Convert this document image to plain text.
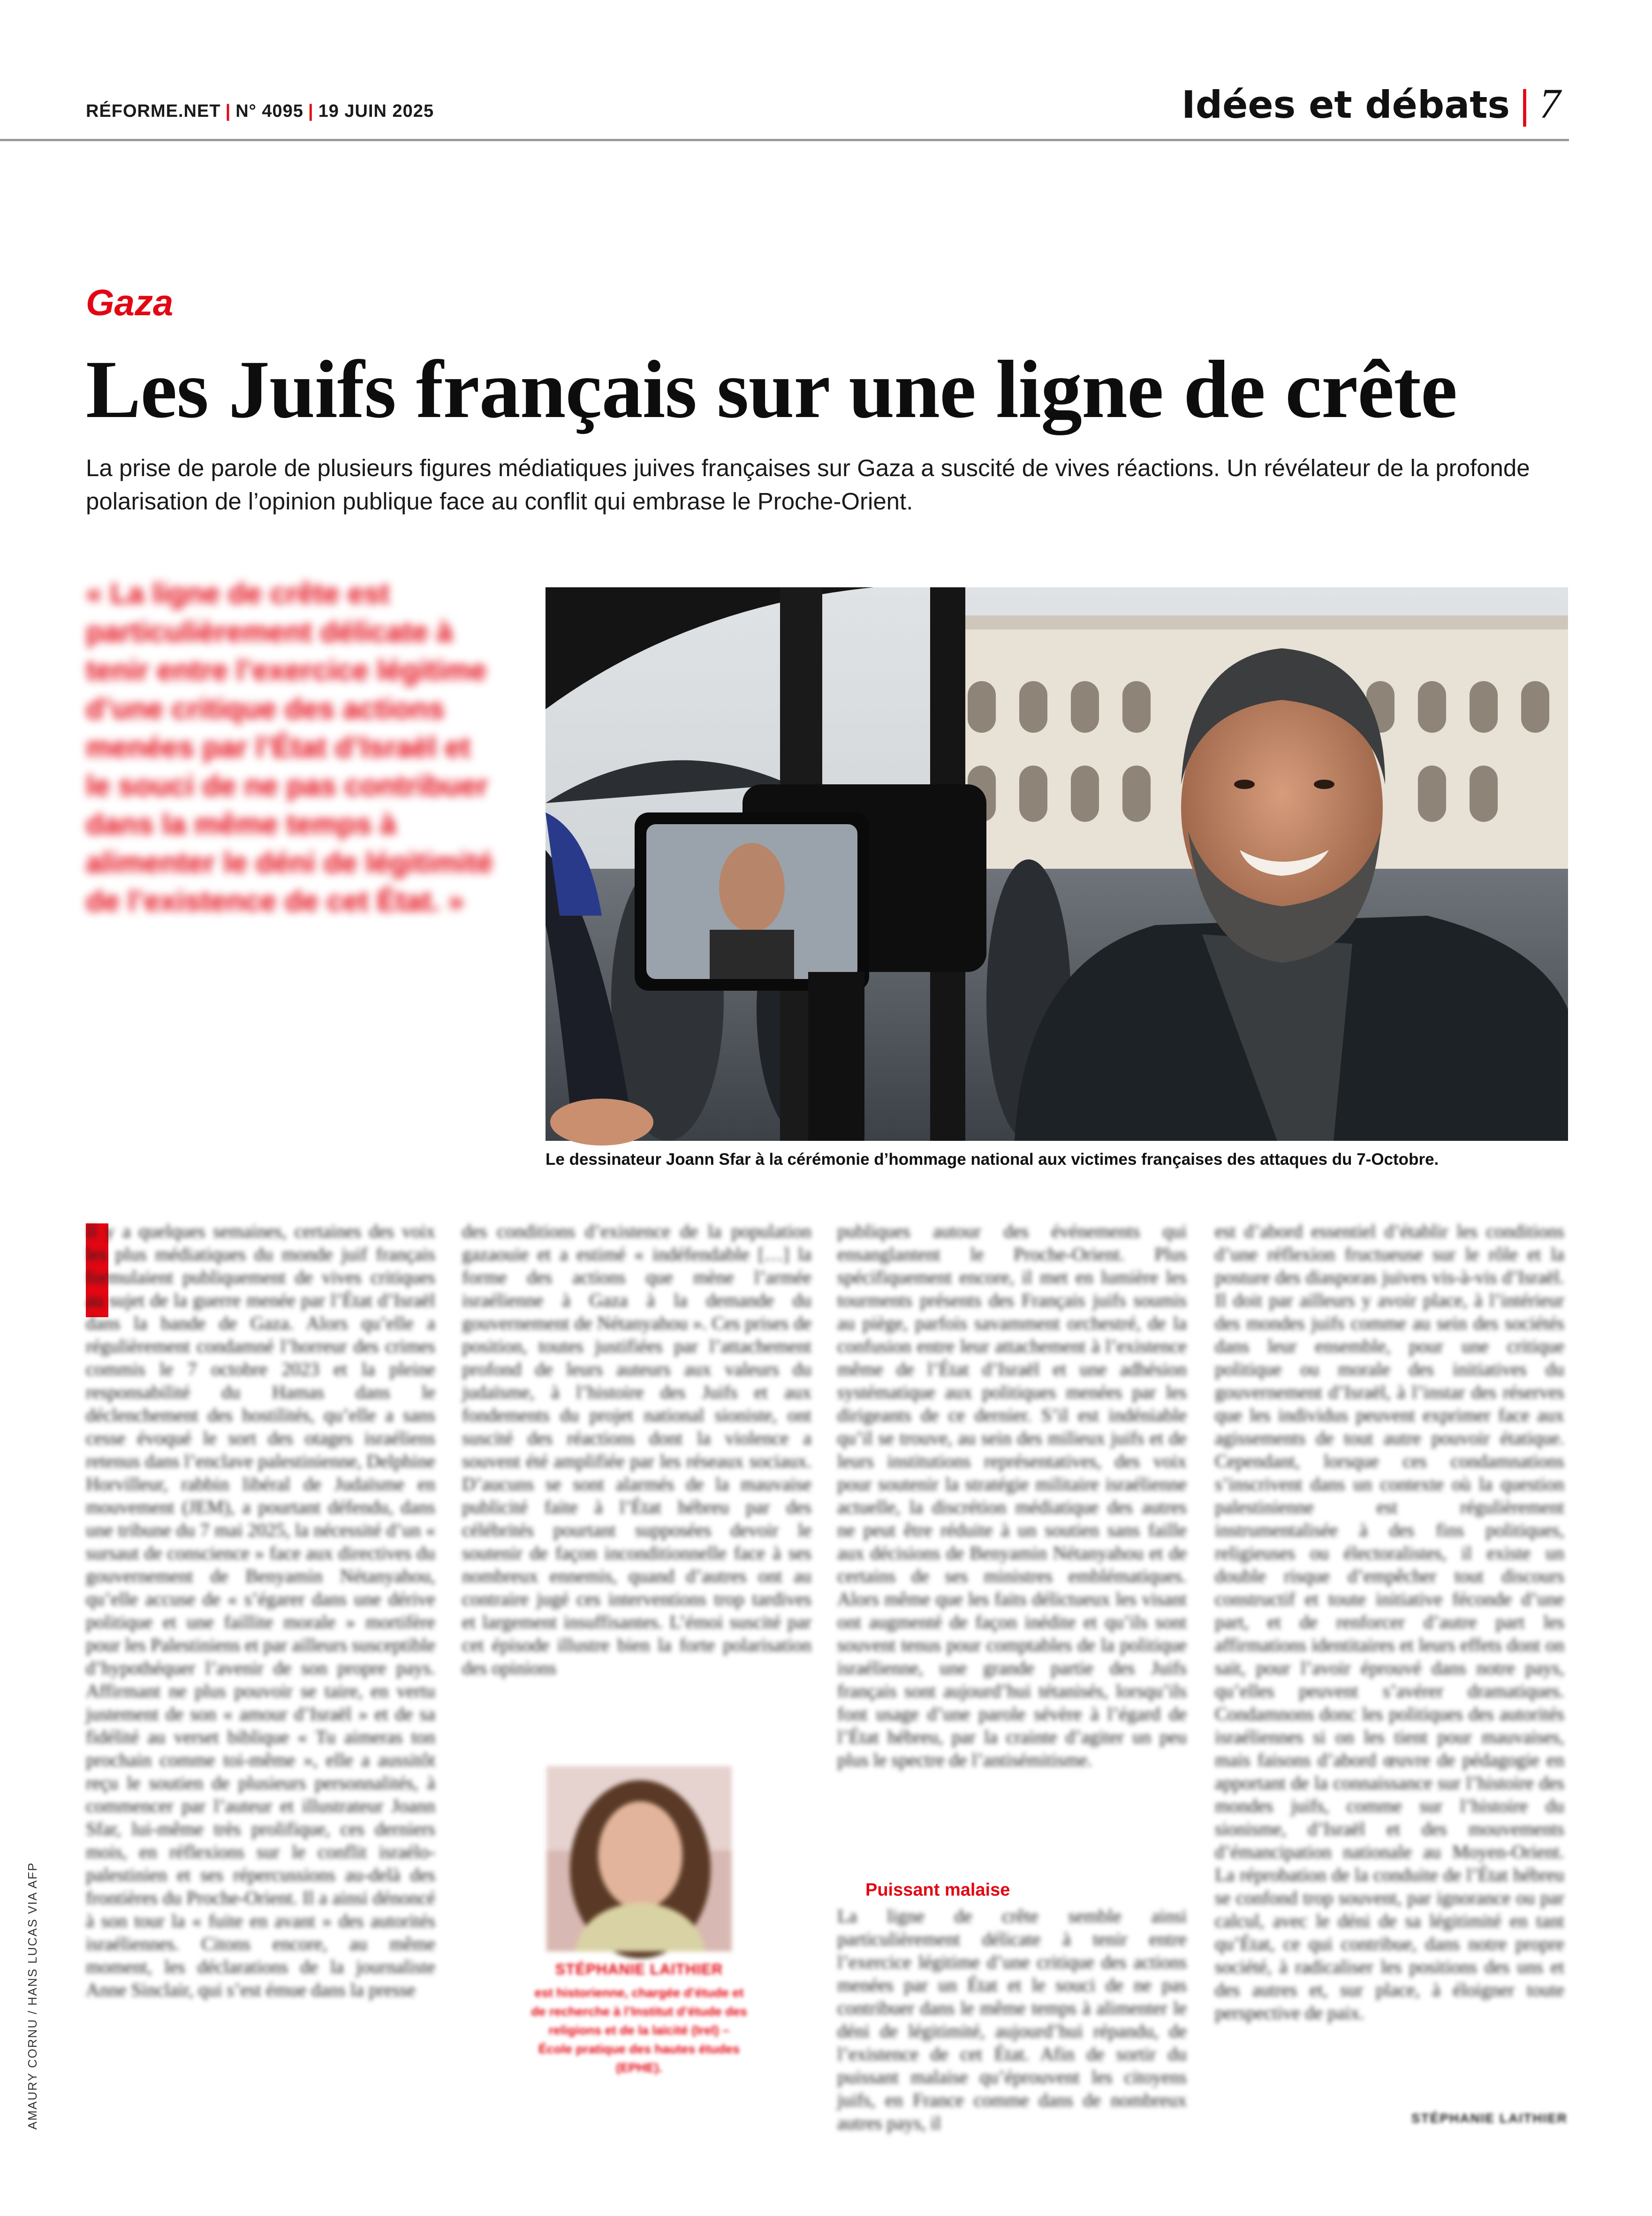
RÉFORME.NET | N° 4095 | 19 JUIN 2025	Idées et débats | 7
Gaza
Les Juifs français sur une ligne de crête
La prise de parole de plusieurs figures médiatiques juives françaises sur Gaza a suscité de vives réactions. Un révélateur de la profonde polarisation de l’opinion publique face au conflit qui embrase le Proche-Orient.
« La ligne de crête est particulièrement délicate à tenir entre l’exercice légitime d’une critique des actions menées par l’État d’Israël et le souci de ne pas contribuer dans la même temps à alimenter le déni de légitimité de l’existence de cet État. »
Le dessinateur Joann Sfar à la cérémonie d’hommage national aux victimes françaises des attaques du 7-Octobre.
Il y a quelques semaines, certaines des voix les plus médiatiques du monde juif français formulaient publiquement de vives critiques au sujet de la guerre menée par l’État d’Israël dans la bande de Gaza. Alors qu’elle a régulièrement condamné l’horreur des crimes commis le 7 octobre 2023 et la pleine responsabilité du Hamas dans le déclenchement des hostilités, qu’elle a sans cesse évoqué le sort des otages israéliens retenus dans l’enclave palestinienne, Delphine Horvilleur, rabbin libéral de Judaïsme en mouvement (JEM), a pourtant défendu, dans une tribune du 7 mai 2025, la nécessité d’un « sursaut de conscience » face aux directives du gouvernement de Benyamin Nétanyahou, qu’elle accuse de « s’égarer dans une dérive politique et une faillite morale » mortifère pour les Palestiniens et par ailleurs susceptible d’hypothéquer l’avenir de son propre pays. Affirmant ne plus pouvoir se taire, en vertu justement de son « amour d’Israël » et de sa fidélité au verset biblique « Tu aimeras ton prochain comme toi-même », elle a aussitôt reçu le soutien de plusieurs personnalités, à commencer par l’auteur et illustrateur Joann Sfar, lui-même très prolifique, ces derniers mois, en réflexions sur le conflit israélo-palestinien et ses répercussions au-delà des frontières du Proche-Orient. Il a ainsi dénoncé à son tour la « fuite en avant » des autorités israéliennes. Citons encore, au même moment, les déclarations de la journaliste Anne Sinclair, qui s’est émue dans la presse
des conditions d’existence de la population gazaouie et a estimé « indéfendable […] la forme des actions que mène l’armée israélienne à Gaza à la demande du gouvernement de Nétanyahou ». Ces prises de position, toutes justifiées par l’attachement profond de leurs auteurs aux valeurs du judaïsme, à l’histoire des Juifs et aux fondements du projet national sioniste, ont suscité des réactions dont la violence a souvent été amplifiée par les réseaux sociaux. D’aucuns se sont alarmés de la mauvaise publicité faite à l’État hébreu par des célébrités pourtant supposées devoir le soutenir de façon inconditionnelle face à ses nombreux ennemis, quand d’autres ont au contraire jugé ces interventions trop tardives et largement insuffisantes. L’émoi suscité par cet épisode illustre bien la forte polarisation des opinions
publiques autour des événements qui ensanglantent le Proche-Orient. Plus spécifiquement encore, il met en lumière les tourments présents des Français juifs soumis au piège, parfois savamment orchestré, de la confusion entre leur attachement à l’existence même de l’État d’Israël et une adhésion systématique aux politiques menées par les dirigeants de ce dernier. S’il est indéniable qu’il se trouve, au sein des milieux juifs et de leurs institutions représentatives, des voix pour soutenir la stratégie militaire israélienne actuelle, la discrétion médiatique des autres ne peut être réduite à un soutien sans faille aux décisions de Benyamin Nétanyahou et de certains de ses ministres emblématiques. Alors même que les faits délictueux les visant ont augmenté de façon inédite et qu’ils sont souvent tenus pour comptables de la politique israélienne, une grande partie des Juifs français sont aujourd’hui tétanisés, lorsqu’ils font usage d’une parole sévère à l’égard de l’État hébreu, par la crainte d’agiter un peu plus le spectre de l’antisémitisme.
Puissant malaise
La ligne de crête semble ainsi particulièrement délicate à tenir entre l’exercice légitime d’une critique des actions menées par un État et le souci de ne pas contribuer dans le même temps à alimenter le déni de légitimité, aujourd’hui répandu, de l’existence de cet État. Afin de sortir du puissant malaise qu’éprouvent les citoyens juifs, en France comme dans de nombreux autres pays, il
est d’abord essentiel d’établir les conditions d’une réflexion fructueuse sur le rôle et la posture des diasporas juives vis-à-vis d’Israël. Il doit par ailleurs y avoir place, à l’intérieur des mondes juifs comme au sein des sociétés dans leur ensemble, pour une critique politique ou morale des initiatives du gouvernement d’Israël, à l’instar des réserves que les individus peuvent exprimer face aux agissements de tout autre pouvoir étatique. Cependant, lorsque ces condamnations s’inscrivent dans un contexte où la question palestinienne est régulièrement instrumentalisée à des fins politiques, religieuses ou électoralistes, il existe un double risque d’empêcher tout discours constructif et toute initiative féconde d’une part, et de renforcer d’autre part les affirmations identitaires et leurs effets dont on sait, pour l’avoir éprouvé dans notre pays, qu’elles peuvent s’avérer dramatiques. Condamnons donc les politiques des autorités israéliennes si on les tient pour mauvaises, mais faisons d’abord œuvre de pédagogie en apportant de la connaissance sur l’histoire des mondes juifs, comme sur l’histoire du sionisme, d’Israël et des mouvements d’émancipation nationale au Moyen-Orient. La réprobation de la conduite de l’État hébreu se confond trop souvent, par ignorance ou par calcul, avec le déni de sa légitimité en tant qu’État, ce qui contribue, dans notre propre société, à radicaliser les positions des uns et des autres et, sur place, à éloigner toute perspective de paix.
STÉPHANIE LAITHIER
STÉPHANIE LAITHIER
est historienne, chargée d’étude et de recherche à l’Institut d’étude des religions et de la laïcité (Irel) – École pratique des hautes études (EPHE).
AMAURY CORNU / HANS LUCAS VIA AFP
